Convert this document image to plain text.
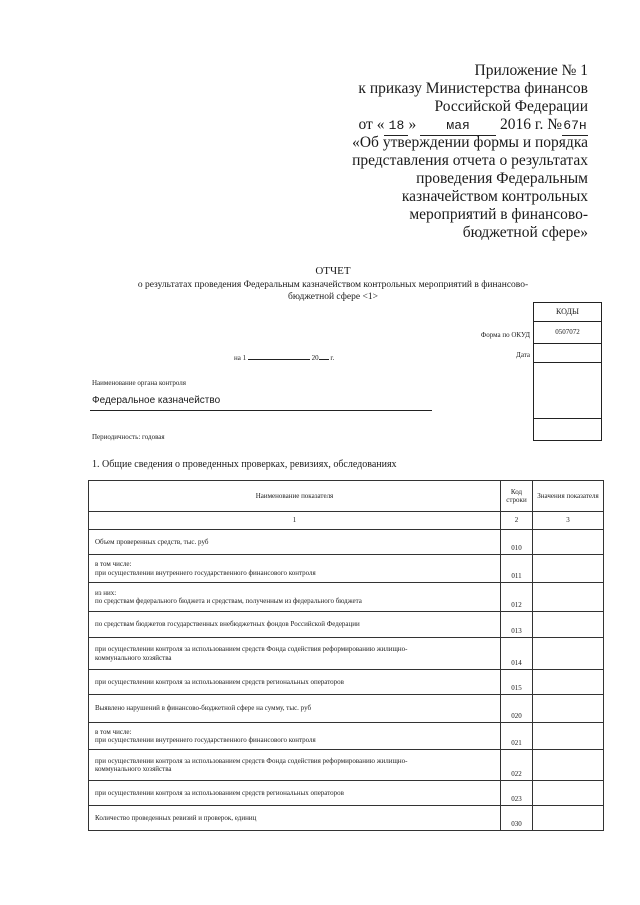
Приложение № 1
к приказу Министерства финансов
Российской Федерации
от « 18 » мая 2016 г. №67н
«Об утверждении формы и порядка
представления отчета о результатах
проведения Федеральным
казначейством контрольных
мероприятий в финансово-
бюджетной сфере»
ОТЧЕТ
о результатах проведения Федеральным казначейством контрольных мероприятий в финансово-
бюджетной сфере <1>
КОДЫ
0507072

Форма по ОКУД
Дата
на 1	20 г.
Наименование органа контроля
Федеральное казначейство
Периодичность: годовая
1. Общие сведения о проведенных проверках, ревизиях, обследованиях
Наименование показателя	Код строки	Значения показателя
1	2	3

Объем проверенных средств, тыс. руб	010	

в том числе:
при осуществлении внутреннего государственного финансового контроля	011	

из них:
по средствам федерального бюджета и средствам, полученным из федерального бюджета	012	

по средствам бюджетов государственных внебюджетных фондов Российской Федерации	013	

при осуществлении контроля за использованием средств Фонда содействия реформированию жилищно-
коммунального хозяйства	014	

при осуществлении контроля за использованием средств региональных операторов	015	

Выявлено нарушений в финансово-бюджетной сфере на сумму, тыс. руб	020	

в том числе:
при осуществлении внутреннего государственного финансового контроля	021	

при осуществлении контроля за использованием средств Фонда содействия реформированию жилищно-
коммунального хозяйства	022	

при осуществлении контроля за использованием средств региональных операторов	023	

Количество проведенных ревизий и проверок, единиц	030	
